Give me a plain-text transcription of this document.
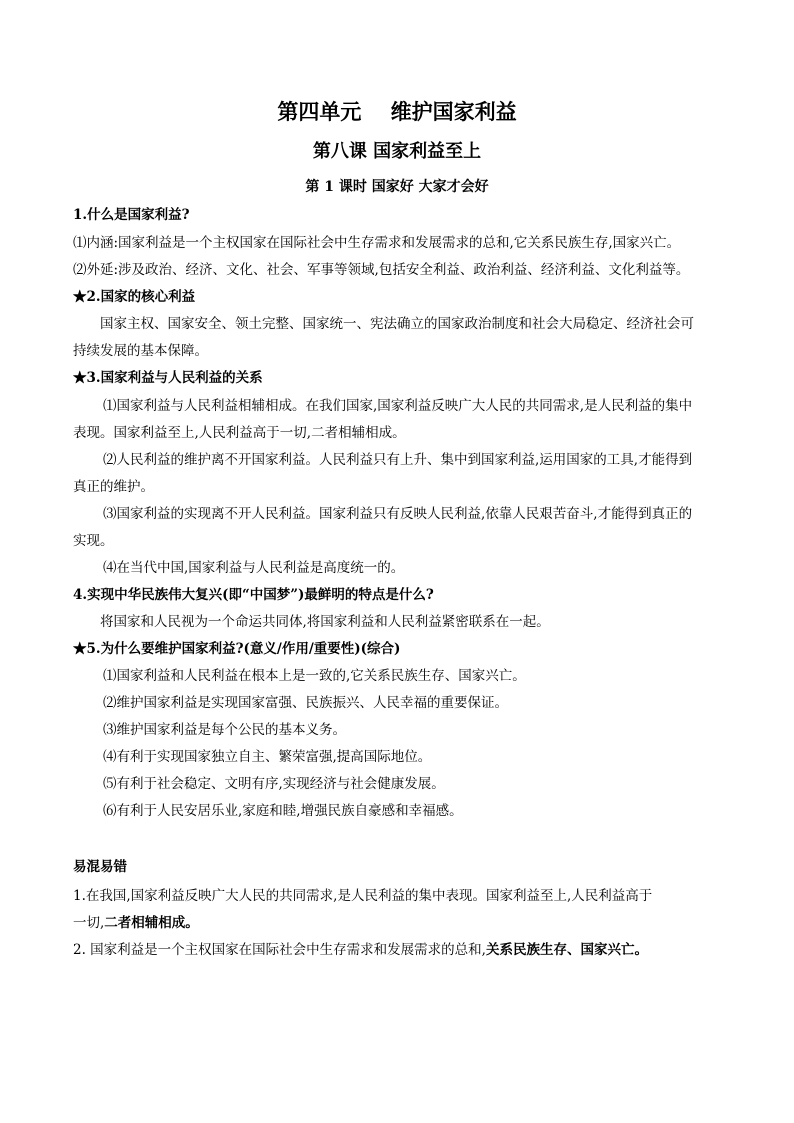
第四单元    维护国家利益
第八课 国家利益至上
第 1 课时 国家好 大家才会好
1.什么是国家利益?
⑴内涵:国家利益是一个主权国家在国际社会中生存需求和发展需求的总和,它关系民族生存,国家兴亡。
⑵外延:涉及政治、经济、文化、社会、军事等领域,包括安全利益、政治利益、经济利益、文化利益等。
★2.国家的核心利益
国家主权、国家安全、领土完整、国家统一、宪法确立的国家政治制度和社会大局稳定、经济社会可
持续发展的基本保障。
★3.国家利益与人民利益的关系
⑴国家利益与人民利益相辅相成。在我们国家,国家利益反映广大人民的共同需求,是人民利益的集中
表现。国家利益至上,人民利益高于一切,二者相辅相成。
⑵人民利益的维护离不开国家利益。人民利益只有上升、集中到国家利益,运用国家的工具,才能得到
真正的维护。
⑶国家利益的实现离不开人民利益。国家利益只有反映人民利益,依靠人民艰苦奋斗,才能得到真正的
实现。
⑷在当代中国,国家利益与人民利益是高度统一的。
4.实现中华民族伟大复兴(即“中国梦”)最鲜明的特点是什么?
将国家和人民视为一个命运共同体,将国家利益和人民利益紧密联系在一起。
★5.为什么要维护国家利益?(意义/作用/重要性)(综合)
⑴国家利益和人民利益在根本上是一致的,它关系民族生存、国家兴亡。
⑵维护国家利益是实现国家富强、民族振兴、人民幸福的重要保证。
⑶维护国家利益是每个公民的基本义务。
⑷有利于实现国家独立自主、繁荣富强,提高国际地位。
⑸有利于社会稳定、文明有序,实现经济与社会健康发展。
⑹有利于人民安居乐业,家庭和睦,增强民族自豪感和幸福感。
易混易错
1.在我国,国家利益反映广大人民的共同需求,是人民利益的集中表现。国家利益至上,人民利益高于
一切,二者相辅相成。
2. 国家利益是一个主权国家在国际社会中生存需求和发展需求的总和,关系民族生存、国家兴亡。
